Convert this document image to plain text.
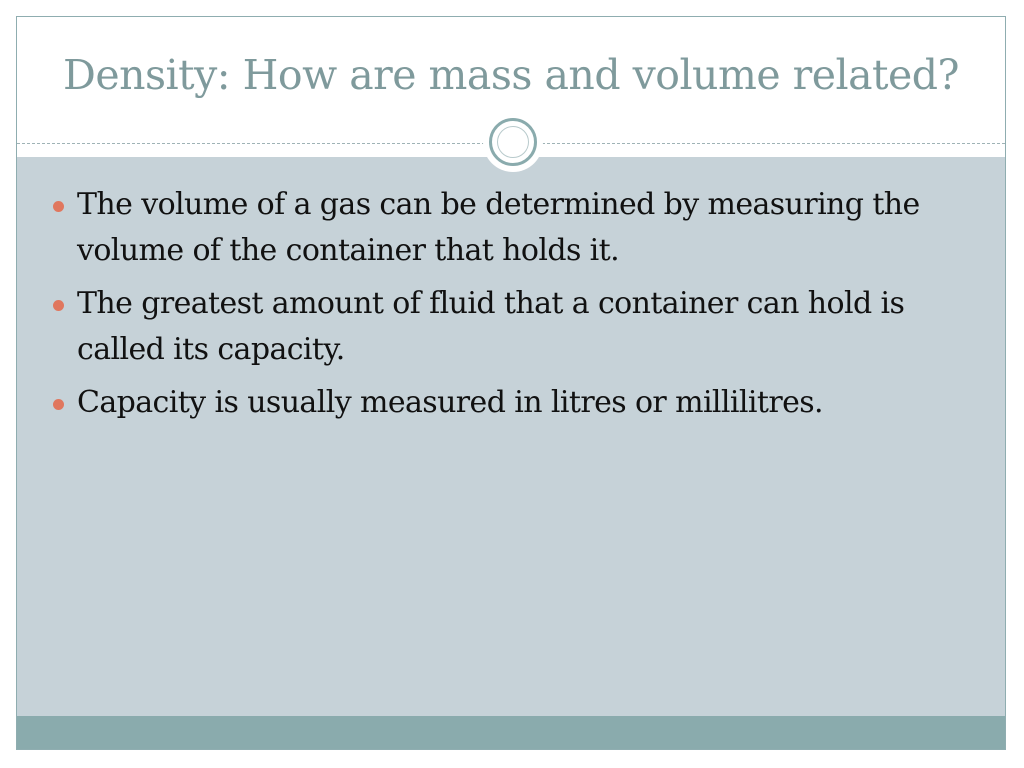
Density: How are mass and volume related?
The volume of a gas can be determined by measuring the volume of the container that holds it.
The greatest amount of fluid that a container can hold is called its capacity.
Capacity is usually measured in litres or millilitres.
